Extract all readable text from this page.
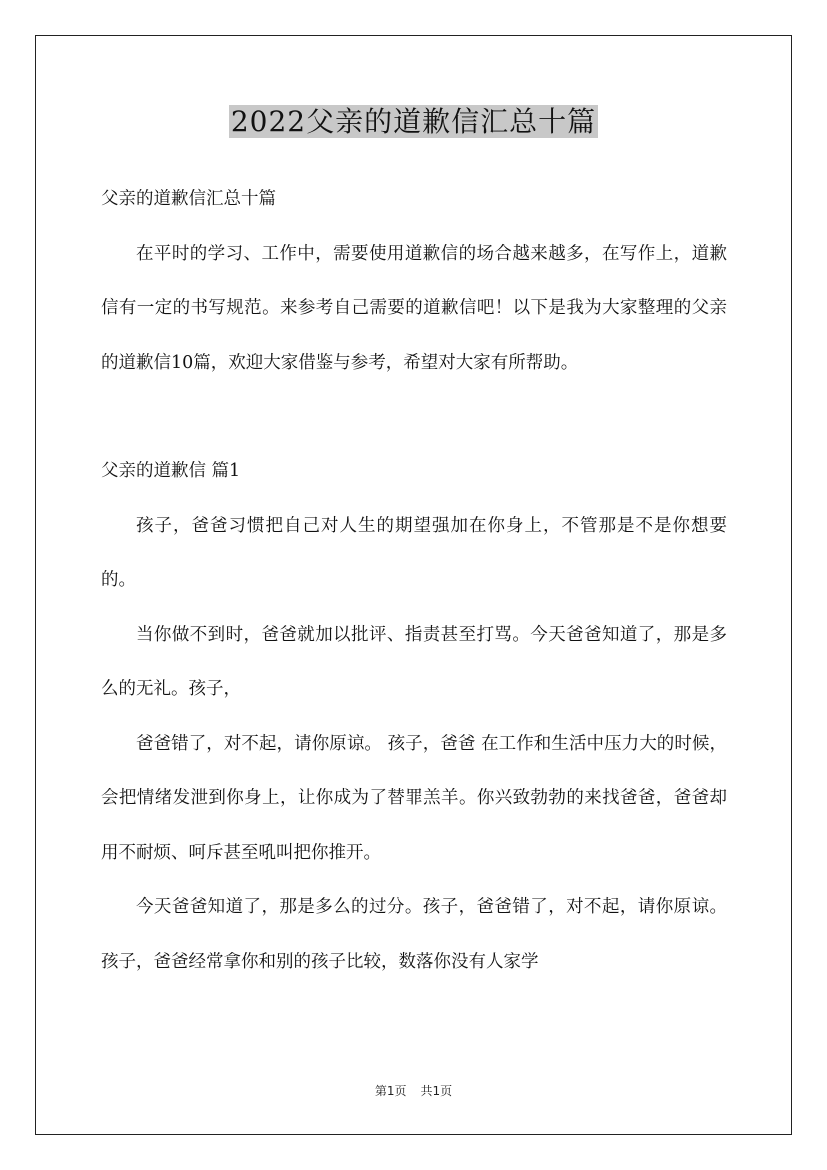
2022父亲的道歉信汇总十篇

父亲的道歉信汇总十篇

在平时的学习、工作中，需要使用道歉信的场合越来越多，在写作上，道歉信有一定的书写规范。来参考自己需要的道歉信吧！以下是我为大家整理的父亲的道歉信10篇，欢迎大家借鉴与参考，希望对大家有所帮助。

父亲的道歉信 篇1

孩子，爸爸习惯把自己对人生的期望强加在你身上，不管那是不是你想要的。

当你做不到时，爸爸就加以批评、指责甚至打骂。今天爸爸知道了，那是多么的无礼。孩子，

爸爸错了，对不起，请你原谅。 孩子，爸爸 在工作和生活中压力大的时候，会把情绪发泄到你身上，让你成为了替罪羔羊。你兴致勃勃的来找爸爸，爸爸却用不耐烦、呵斥甚至吼叫把你推开。

今天爸爸知道了，那是多么的过分。孩子，爸爸错了，对不起，请你原谅。 孩子，爸爸经常拿你和别的孩子比较，数落你没有人家学

第1页 共1页
